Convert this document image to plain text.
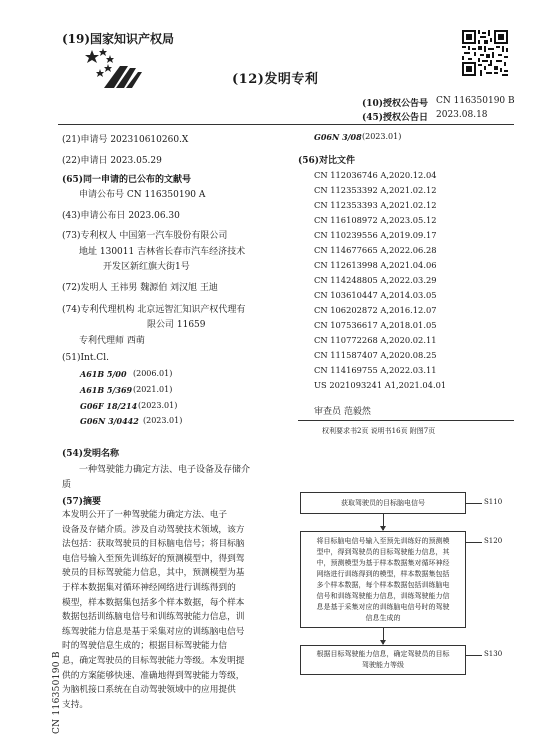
(19)国家知识产权局
(12)发明专利
(10)授权公告号 CN 116350190 B
(45)授权公告日 2023.08.18
(21)申请号 202310610260.X
(22)申请日 2023.05.29
(65)同一申请的已公布的文献号
申请公布号 CN 116350190 A
(43)申请公布日 2023.06.30
(73)专利权人 中国第一汽车股份有限公司
地址 130011 吉林省长春市汽车经济技术
开发区新红旗大街1号
(72)发明人 王祎男 魏源伯 刘汉旭 王迪
(74)专利代理机构 北京远智汇知识产权代理有
限公司 11659
专利代理师 西萌
(51)Int.Cl.
A61B 5/00 (2006.01)
A61B 5/369 (2021.01)
G06F 18/214 (2023.01)
G06N 3/0442 (2023.01)
G06N 3/08 (2023.01)
(56)对比文件
CN 112036746 A,2020.12.04
CN 112353392 A,2021.02.12
CN 112353393 A,2021.02.12
CN 116108972 A,2023.05.12
CN 110239556 A,2019.09.17
CN 114677665 A,2022.06.28
CN 112613998 A,2021.04.06
CN 114248805 A,2022.03.29
CN 103610447 A,2014.03.05
CN 106202872 A,2016.12.07
CN 107536617 A,2018.01.05
CN 110772268 A,2020.02.11
CN 111587407 A,2020.08.25
CN 114169755 A,2022.03.11
US 2021093241 A1,2021.04.01
审查员 范毅然
权利要求书2页 说明书16页 附图7页
(54)发明名称
一种驾驶能力确定方法、电子设备及存储介
质
(57)摘要
本发明公开了一种驾驶能力确定方法、电子
设备及存储介质。涉及自动驾驶技术领域，该方
法包括：获取驾驶员的目标脑电信号；将目标脑
电信号输入至预先训练好的预测模型中，得到驾
驶员的目标驾驶能力信息，其中，预测模型为基
于样本数据集对循环神经网络进行训练得到的
模型，样本数据集包括多个样本数据，每个样本
数据包括训练脑电信号和训练驾驶能力信息，训
练驾驶能力信息是基于采集对应的训练脑电信号
时的驾驶信息生成的；根据目标驾驶能力信
息，确定驾驶员的目标驾驶能力等级。本发明提
供的方案能够快速、准确地得到驾驶能力等级，
为脑机接口系统在自动驾驶领域中的应用提供
支持。
获取驾驶员的目标脑电信号	S110
将目标脑电信号输入至预先训练好的预测模
型中，得到驾驶员的目标驾驶能力信息，其
中，预测模型为基于样本数据集对循环神经
网络进行训练得到的模型，样本数据集包括
多个样本数据，每个样本数据包括训练脑电
信号和训练驾驶能力信息，训练驾驶能力信
息是基于采集对应的训练脑电信号时的驾驶
信息生成的
S120
根据目标驾驶能力信息，确定驾驶员的目标
驾驶能力等级
S130
CN 116350190 B
